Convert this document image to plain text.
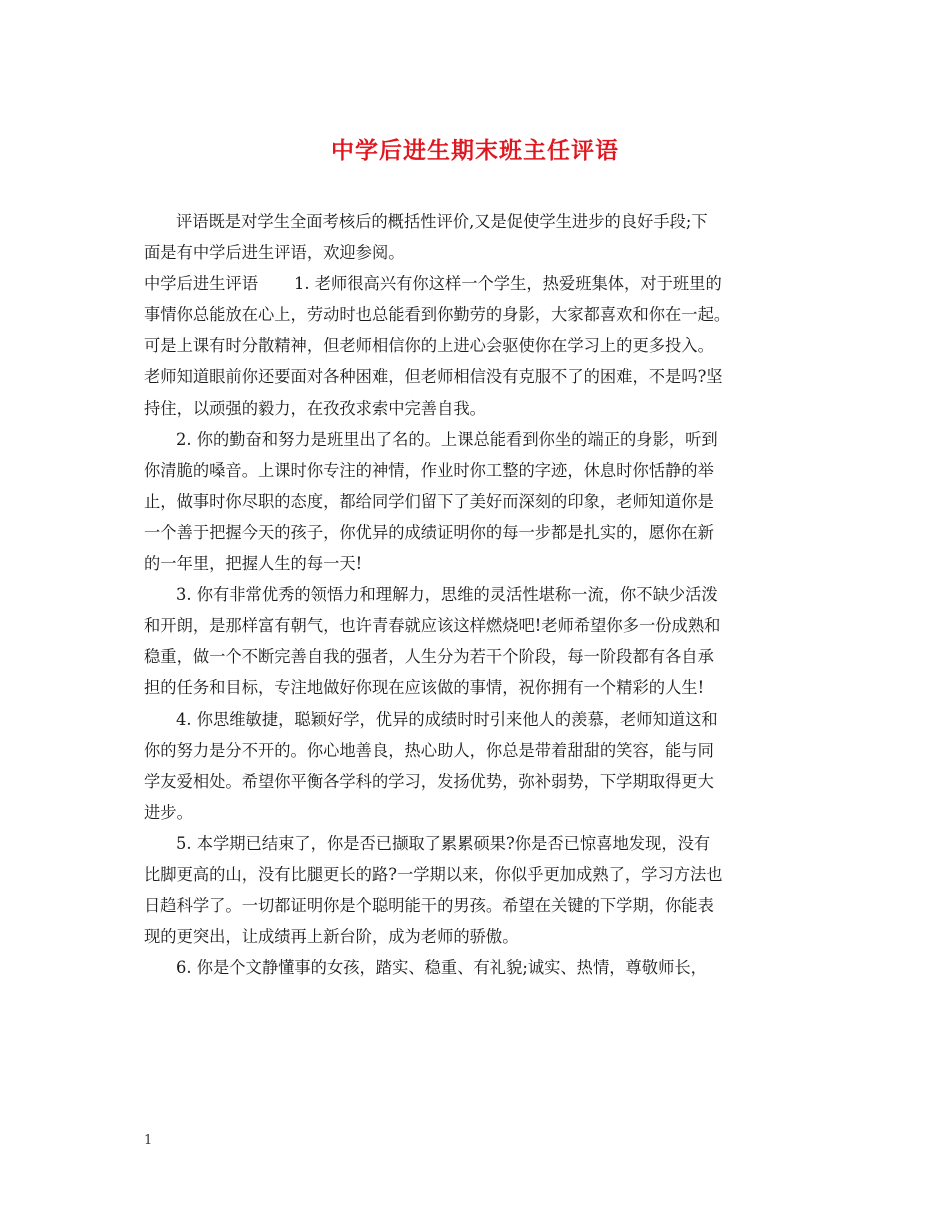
中学后进生期末班主任评语
评语既是对学生全面考核后的概括性评价,又是促使学生进步的良好手段;下
面是有中学后进生评语，欢迎参阅。
中学后进生评语 1. 老师很高兴有你这样一个学生，热爱班集体，对于班里的
事情你总能放在心上，劳动时也总能看到你勤劳的身影，大家都喜欢和你在一起。
可是上课有时分散精神，但老师相信你的上进心会驱使你在学习上的更多投入。
老师知道眼前你还要面对各种困难，但老师相信没有克服不了的困难，不是吗?坚
持住，以顽强的毅力，在孜孜求索中完善自我。
2. 你的勤奋和努力是班里出了名的。上课总能看到你坐的端正的身影，听到
你清脆的嗓音。上课时你专注的神情，作业时你工整的字迹，休息时你恬静的举
止，做事时你尽职的态度，都给同学们留下了美好而深刻的印象，老师知道你是
一个善于把握今天的孩子，你优异的成绩证明你的每一步都是扎实的，愿你在新
的一年里，把握人生的每一天!
3. 你有非常优秀的领悟力和理解力，思维的灵活性堪称一流，你不缺少活泼
和开朗，是那样富有朝气，也许青春就应该这样燃烧吧!老师希望你多一份成熟和
稳重，做一个不断完善自我的强者，人生分为若干个阶段，每一阶段都有各自承
担的任务和目标，专注地做好你现在应该做的事情，祝你拥有一个精彩的人生!
4. 你思维敏捷，聪颖好学，优异的成绩时时引来他人的羡慕，老师知道这和
你的努力是分不开的。你心地善良，热心助人，你总是带着甜甜的笑容，能与同
学友爱相处。希望你平衡各学科的学习，发扬优势，弥补弱势，下学期取得更大
进步。
5. 本学期已结束了，你是否已撷取了累累硕果?你是否已惊喜地发现，没有
比脚更高的山，没有比腿更长的路?一学期以来，你似乎更加成熟了，学习方法也
日趋科学了。一切都证明你是个聪明能干的男孩。希望在关键的下学期，你能表
现的更突出，让成绩再上新台阶，成为老师的骄傲。
6. 你是个文静懂事的女孩，踏实、稳重、有礼貌;诚实、热情，尊敬师长，
1
